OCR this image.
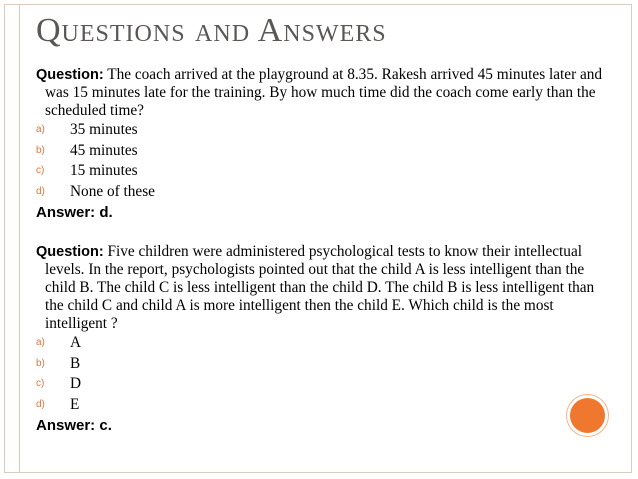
Questions and Answers

Question: The coach arrived at the playground at 8.35. Rakesh arrived 45 minutes later and was 15 minutes late for the training. By how much time did the coach come early than the scheduled time?

a) 35 minutes
b) 45 minutes
c) 15 minutes
d) None of these
Answer: d.

Question: Five children were administered psychological tests to know their intellectual levels. In the report, psychologists pointed out that the child A is less intelligent than the child B. The child C is less intelligent than the child D. The child B is less intelligent than the child C and child A is more intelligent then the child E. Which child is the most intelligent ?

a) A
b) B
c) D
d) E
Answer: c.
